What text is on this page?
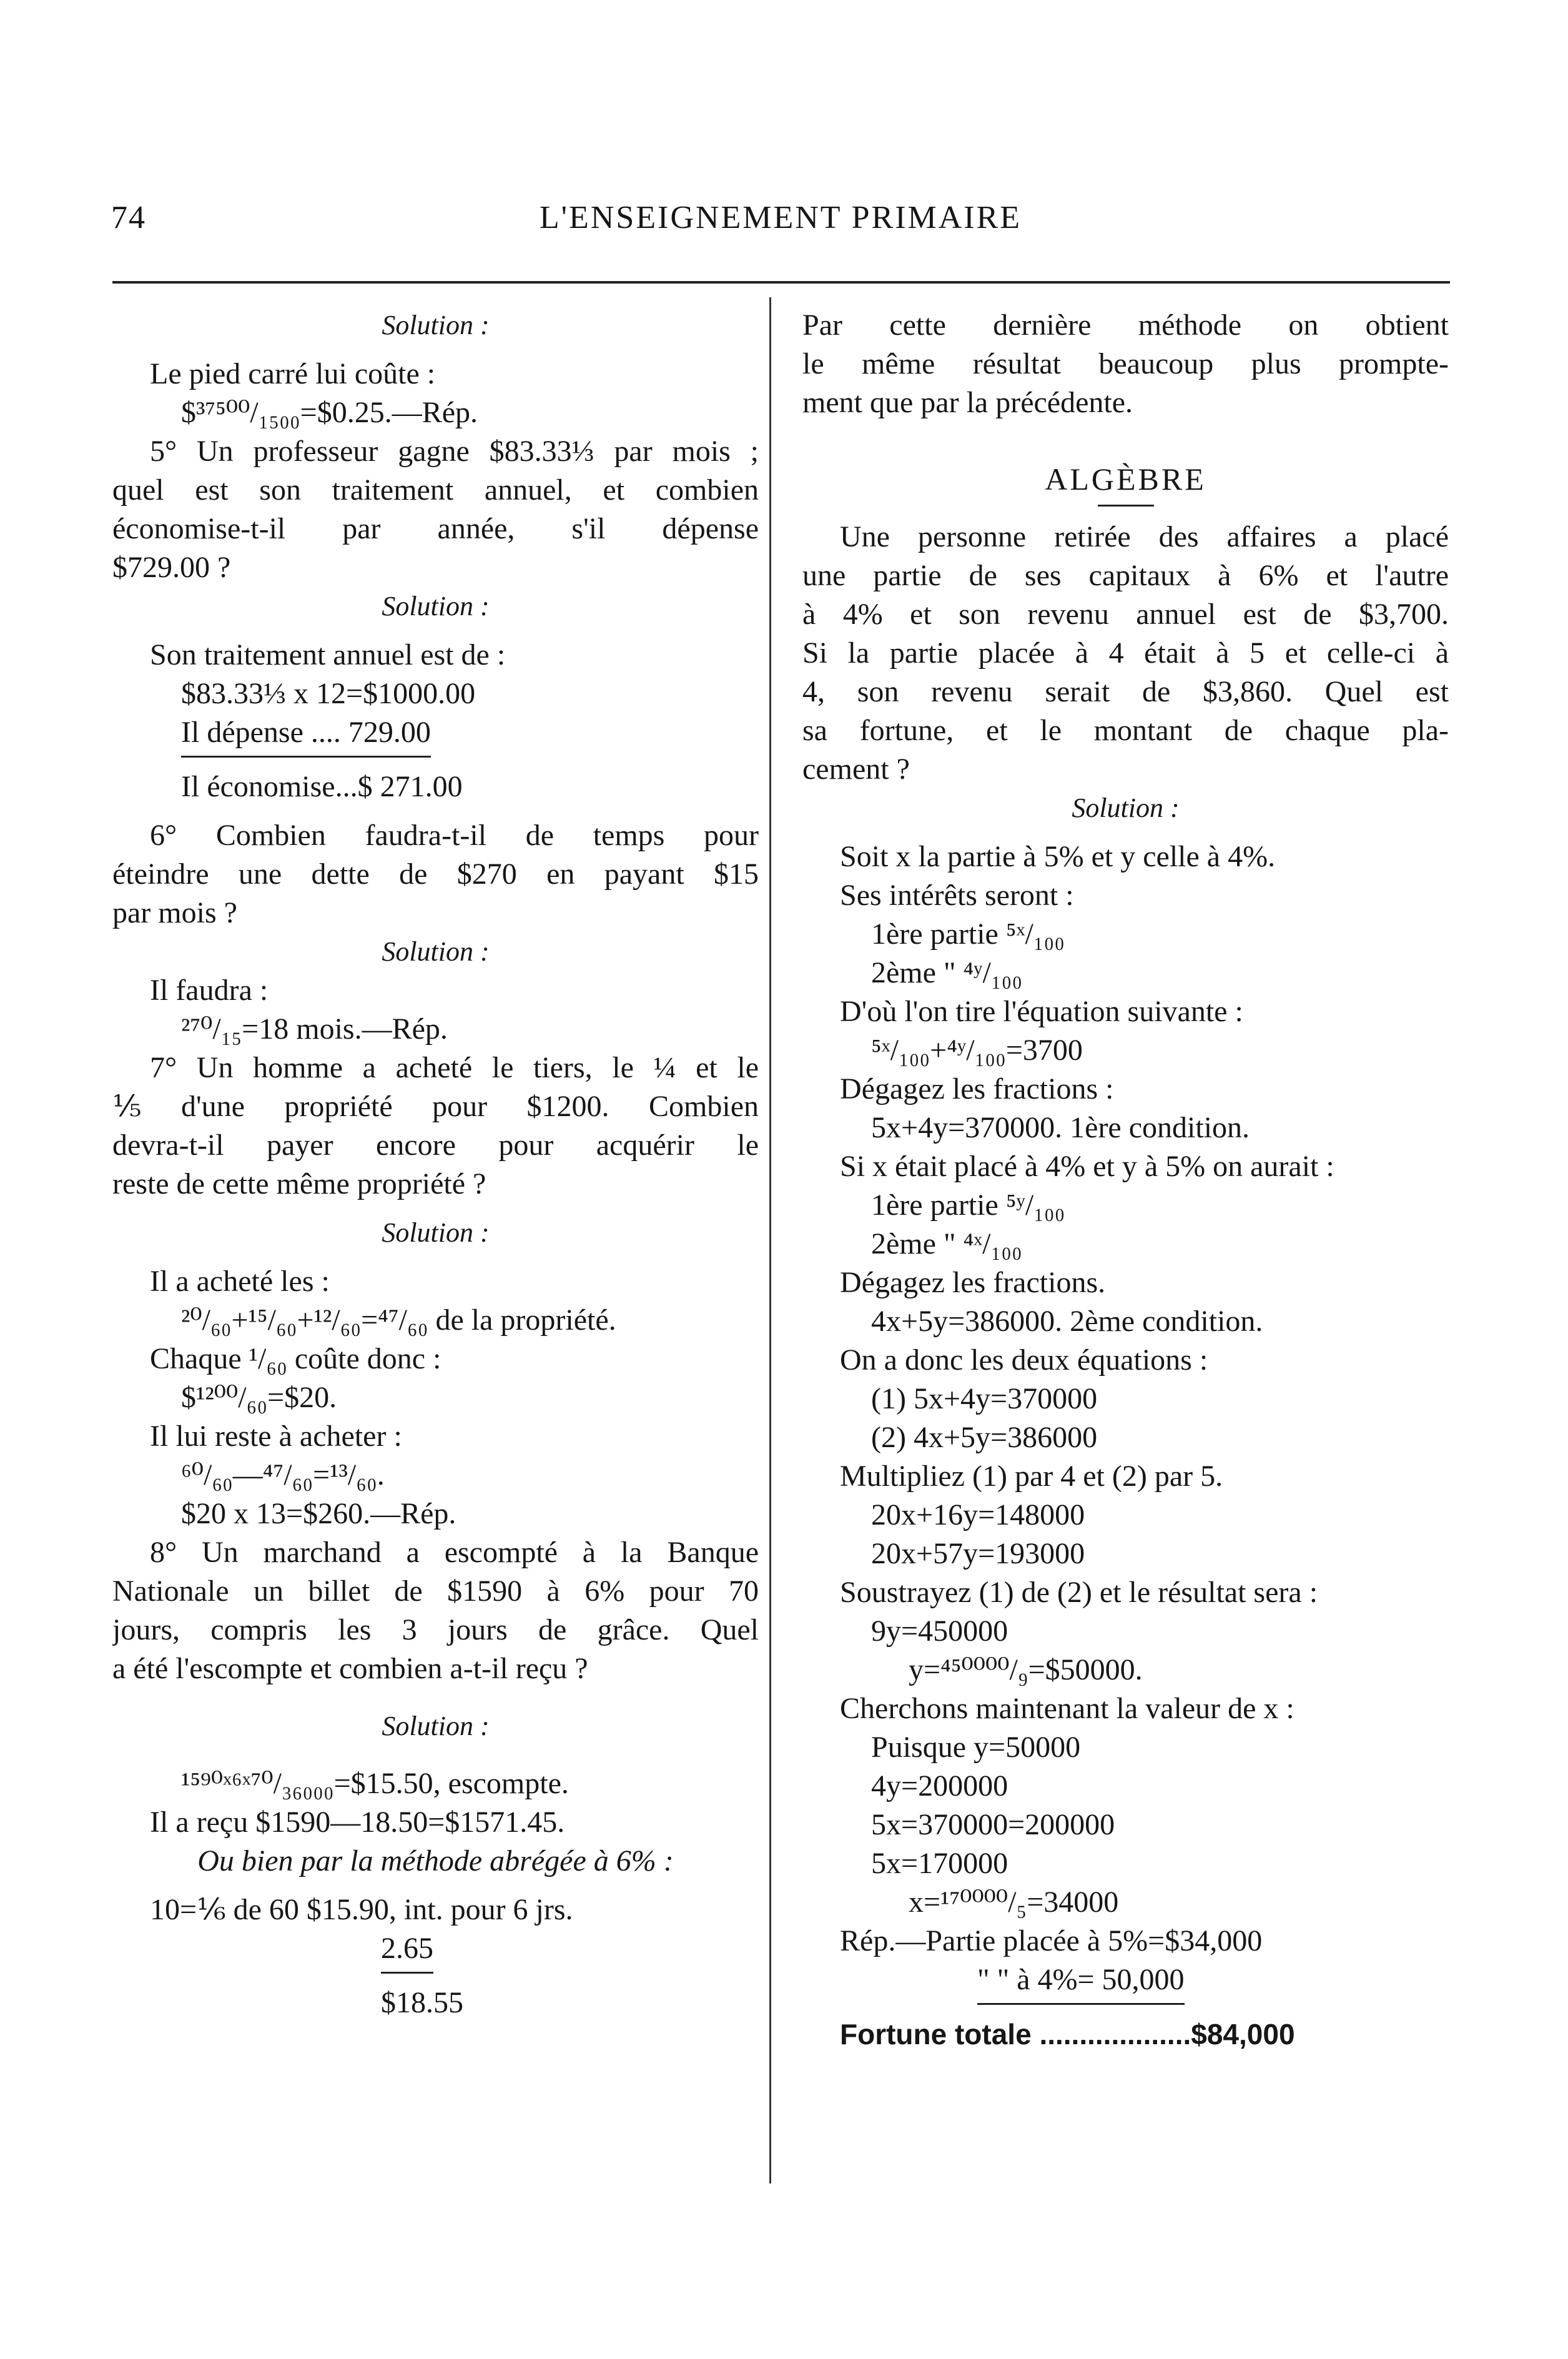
74	L'ENSEIGNEMENT PRIMAIRE

Solution :

Le pied carré lui coûte :

$³⁷⁵⁰⁰/₁₅₀₀=$0.25.—Rép.

5° Un professeur gagne $83.33⅓ par mois ;

quel est son traitement annuel, et combien

économise-t-il par année, s'il dépense

$729.00 ?

Solution :

Son traitement annuel est de :

$83.33⅓ x 12=$1000.00

Il dépense .... 729.00

Il économise...$ 271.00

6° Combien faudra-t-il de temps pour

éteindre une dette de $270 en payant $15

par mois ?

Solution :

Il faudra :

²⁷⁰/₁₅=18 mois.—Rép.

7° Un homme a acheté le tiers, le ¼ et le

⅕ d'une propriété pour $1200. Combien

devra-t-il payer encore pour acquérir le

reste de cette même propriété ?

Solution :

Il a acheté les :

²⁰/₆₀+¹⁵/₆₀+¹²/₆₀=⁴⁷/₆₀ de la propriété.

Chaque ¹/₆₀ coûte donc :

$¹²⁰⁰/₆₀=$20.

Il lui reste à acheter :

⁶⁰/₆₀—⁴⁷/₆₀=¹³/₆₀.

$20 x 13=$260.—Rép.

8° Un marchand a escompté à la Banque

Nationale un billet de $1590 à 6% pour 70

jours, compris les 3 jours de grâce. Quel

a été l'escompte et combien a-t-il reçu ?

Solution :

¹⁵⁹⁰ˣ⁶ˣ⁷⁰/₃₆₀₀₀=$15.50, escompte.

Il a reçu $1590—18.50=$1571.45.

Ou bien par la méthode abrégée à 6% :

10=⅙ de 60 $15.90, int. pour 6 jrs.

2.65

$18.55

Par cette dernière méthode on obtient

le même résultat beaucoup plus prompte-

ment que par la précédente.

ALGÈBRE

Une personne retirée des affaires a placé

une partie de ses capitaux à 6% et l'autre

à 4% et son revenu annuel est de $3,700.

Si la partie placée à 4 était à 5 et celle-ci à

4, son revenu serait de $3,860. Quel est

sa fortune, et le montant de chaque pla-

cement ?

Solution :

Soit x la partie à 5% et y celle à 4%.

Ses intérêts seront :

1ère partie ⁵ˣ/₁₀₀

2ème " ⁴ʸ/₁₀₀

D'où l'on tire l'équation suivante :

⁵ˣ/₁₀₀+⁴ʸ/₁₀₀=3700

Dégagez les fractions :

5x+4y=370000. 1ère condition.

Si x était placé à 4% et y à 5% on aurait :

1ère partie ⁵ʸ/₁₀₀

2ème " ⁴ˣ/₁₀₀

Dégagez les fractions.

4x+5y=386000. 2ème condition.

On a donc les deux équations :

(1) 5x+4y=370000

(2) 4x+5y=386000

Multipliez (1) par 4 et (2) par 5.

20x+16y=148000

20x+57y=193000

Soustrayez (1) de (2) et le résultat sera :

9y=450000

y=⁴⁵⁰⁰⁰⁰/₉=$50000.

Cherchons maintenant la valeur de x :

Puisque y=50000

4y=200000

5x=370000=200000

5x=170000

x=¹⁷⁰⁰⁰⁰/₅=34000

Rép.—Partie placée à 5%=$34,000

" " à 4%= 50,000

Fortune totale ...................$84,000
